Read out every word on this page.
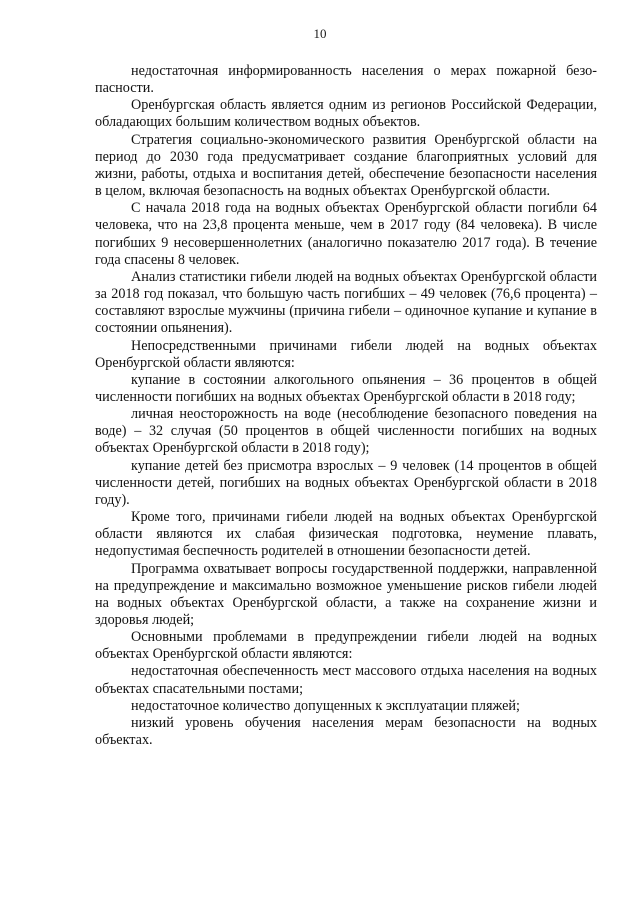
10

недостаточная информированность населения о мерах пожарной безопасности.

Оренбургская область является одним из регионов Российской Федерации, обладающих большим количеством водных объектов.

Стратегия социально-экономического развития Оренбургской области на период до 2030 года предусматривает создание благоприятных условий для жизни, работы, отдыха и воспитания детей, обеспечение безопасности населения в целом, включая безопасность на водных объектах Оренбургской области.

С начала 2018 года на водных объектах Оренбургской области погибли 64 человека, что на 23,8 процента меньше, чем в 2017 году (84 человека). В числе погибших 9 несовершеннолетних (аналогично показателю 2017 года). В течение года спасены 8 человек.

Анализ статистики гибели людей на водных объектах Оренбургской области за 2018 год показал, что большую часть погибших – 49 человек (76,6 процента) – составляют взрослые мужчины (причина гибели – одиночное купание и купание в состоянии опьянения).

Непосредственными причинами гибели людей на водных объектах Оренбургской области являются:

купание в состоянии алкогольного опьянения – 36 процентов в общей численности погибших на водных объектах Оренбургской области в 2018 году;

личная неосторожность на воде (несоблюдение безопасного поведения на воде) – 32 случая (50 процентов в общей численности погибших на водных объектах Оренбургской области в 2018 году);

купание детей без присмотра взрослых – 9 человек (14 процентов в общей численности детей, погибших на водных объектах Оренбургской области в 2018 году).

Кроме того, причинами гибели людей на водных объектах Оренбургской области являются их слабая физическая подготовка, неумение плавать, недопустимая беспечность родителей в отношении безопасности детей.

Программа охватывает вопросы государственной поддержки, направленной на предупреждение и максимально возможное уменьшение рисков гибели людей на водных объектах Оренбургской области, а также на сохранение жизни и здоровья людей;

Основными проблемами в предупреждении гибели людей на водных объектах Оренбургской области являются:

недостаточная обеспеченность мест массового отдыха населения на водных объектах спасательными постами;

недостаточное количество допущенных к эксплуатации пляжей;

низкий уровень обучения населения мерам безопасности на водных объектах.
